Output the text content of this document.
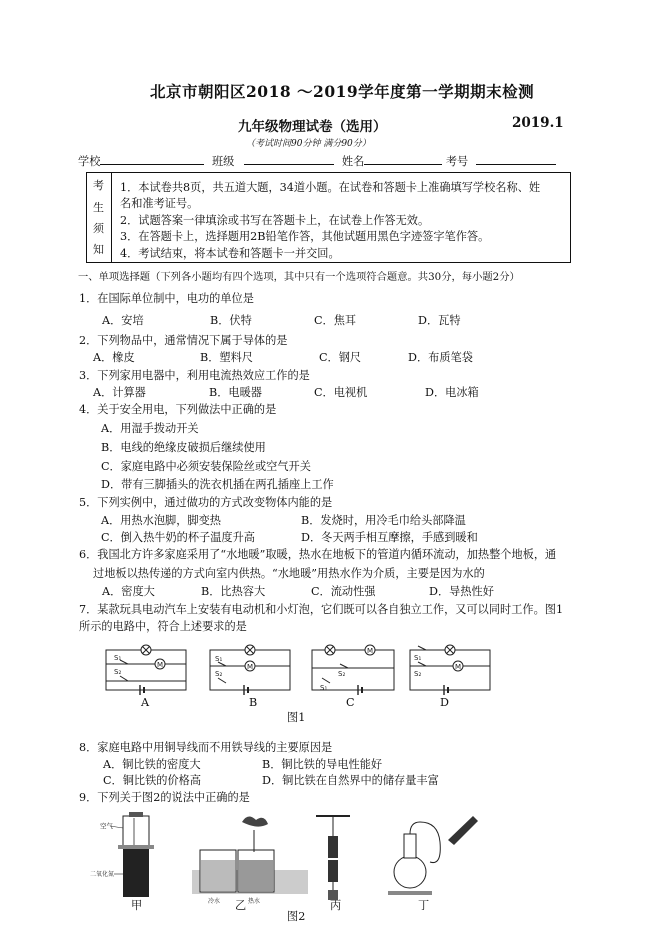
北京市朝阳区2018 ～2019学年度第一学期期末检测
九年级物理试卷（选用）	2019.1
（考试时间90分钟 满分90分）
学校	班级	姓名	考号
考
生
须
知
1．本试卷共8页，共五道大题，34道小题。在试卷和答题卡上准确填写学校名称、姓
名和准考证号。
2．试题答案一律填涂或书写在答题卡上，在试卷上作答无效。
3．在答题卡上，选择题用2B铅笔作答，其他试题用黑色字迹签字笔作答。
4．考试结束，将本试卷和答题卡一并交回。
一、单项选择题（下列各小题均有四个选项，其中只有一个选项符合题意。共30分，每小题2分）
1．在国际单位制中，电功的单位是
A．安培	B．伏特	C．焦耳	D．瓦特
2．下列物品中，通常情况下属于导体的是
A．橡皮	B．塑料尺	C．钢尺	D．布质笔袋
3．下列家用电器中，利用电流热效应工作的是
A．计算器	B．电暖器	C．电视机	D．电冰箱
4．关于安全用电，下列做法中正确的是
A．用湿手拨动开关
B．电线的绝缘皮破损后继续使用
C．家庭电路中必须安装保险丝或空气开关
D．带有三脚插头的洗衣机插在两孔插座上工作
5．下列实例中，通过做功的方式改变物体内能的是
A．用热水泡脚，脚变热	B．发烧时，用冷毛巾给头部降温
C．倒入热牛奶的杯子温度升高	D．冬天两手相互摩擦，手感到暖和
6．我国北方许多家庭采用了“水地暖”取暖，热水在地板下的管道内循环流动，加热整个地板，通
过地板以热传递的方式向室内供热。“水地暖”用热水作为介质，主要是因为水的
A．密度大	B．比热容大	C．流动性强	D．导热性好
7．某款玩具电动汽车上安装有电动机和小灯泡，它们既可以各自独立工作，又可以同时工作。图1
所示的电路中，符合上述要求的是
S₁
S₂
M	M
S₁
S₂
M
S₂
S₁
M
S₁
S₂
A	B	C	D
图1
8．家庭电路中用铜导线而不用铁导线的主要原因是
A．铜比铁的密度大	B．铜比铁的导电性能好
C．铜比铁的价格高	D．铜比铁在自然界中的储存量丰富
9．下列关于图2的说法中正确的是
空气
二氧化氮
冷水	热水
甲	乙	丙	丁
图2
